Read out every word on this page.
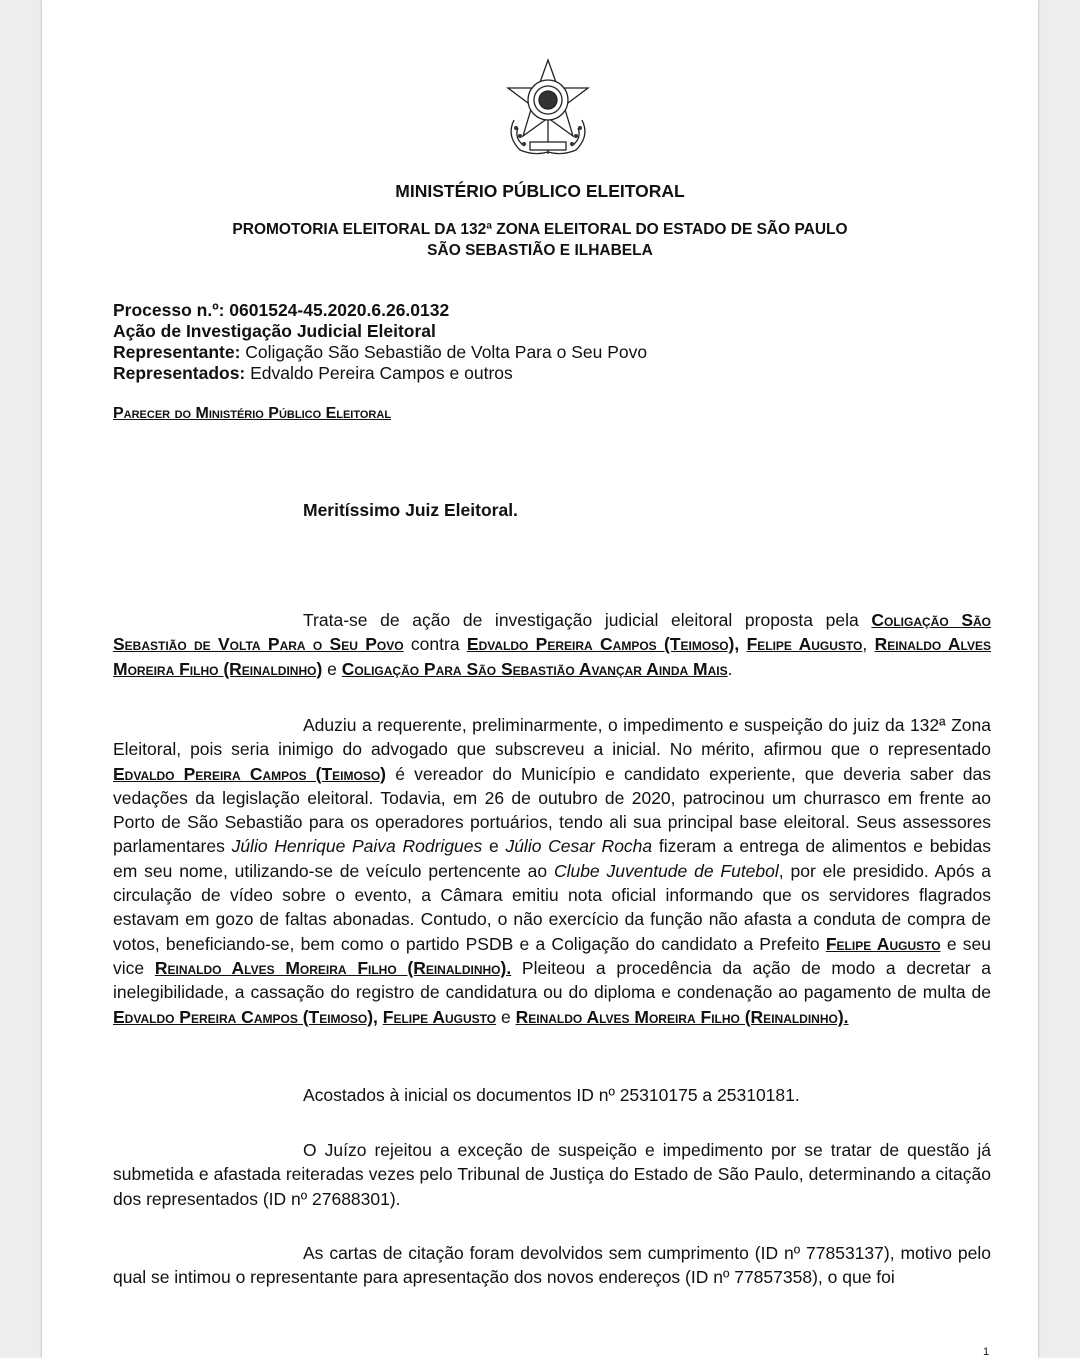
MINISTÉRIO PÚBLICO ELEITORAL
PROMOTORIA ELEITORAL DA 132ª ZONA ELEITORAL DO ESTADO DE SÃO PAULO
SÃO SEBASTIÃO E ILHABELA
Processo n.º: 0601524-45.2020.6.26.0132
Ação de Investigação Judicial Eleitoral
Representante: Coligação São Sebastião de Volta Para o Seu Povo
Representados: Edvaldo Pereira Campos e outros
Parecer do Ministério Público Eleitoral
Meritíssimo Juiz Eleitoral.
Trata-se de ação de investigação judicial eleitoral proposta pela Coligação São Sebastião de Volta Para o Seu Povo contra Edvaldo Pereira Campos (Teimoso), Felipe Augusto, Reinaldo Alves Moreira Filho (Reinaldinho) e Coligação Para São Sebastião Avançar Ainda Mais.
Aduziu a requerente, preliminarmente, o impedimento e suspeição do juiz da 132ª Zona Eleitoral, pois seria inimigo do advogado que subscreveu a inicial. No mérito, afirmou que o representado Edvaldo Pereira Campos (Teimoso) é vereador do Município e candidato experiente, que deveria saber das vedações da legislação eleitoral. Todavia, em 26 de outubro de 2020, patrocinou um churrasco em frente ao Porto de São Sebastião para os operadores portuários, tendo ali sua principal base eleitoral. Seus assessores parlamentares Júlio Henrique Paiva Rodrigues e Júlio Cesar Rocha fizeram a entrega de alimentos e bebidas em seu nome, utilizando-se de veículo pertencente ao Clube Juventude de Futebol, por ele presidido. Após a circulação de vídeo sobre o evento, a Câmara emitiu nota oficial informando que os servidores flagrados estavam em gozo de faltas abonadas. Contudo, o não exercício da função não afasta a conduta de compra de votos, beneficiando-se, bem como o partido PSDB e a Coligação do candidato a Prefeito Felipe Augusto e seu vice Reinaldo Alves Moreira Filho (Reinaldinho). Pleiteou a procedência da ação de modo a decretar a inelegibilidade, a cassação do registro de candidatura ou do diploma e condenação ao pagamento de multa de Edvaldo Pereira Campos (Teimoso), Felipe Augusto e Reinaldo Alves Moreira Filho (Reinaldinho).
Acostados à inicial os documentos ID nº 25310175 a 25310181.
O Juízo rejeitou a exceção de suspeição e impedimento por se tratar de questão já submetida e afastada reiteradas vezes pelo Tribunal de Justiça do Estado de São Paulo, determinando a citação dos representados (ID nº 27688301).
As cartas de citação foram devolvidos sem cumprimento (ID nº 77853137), motivo pelo qual se intimou o representante para apresentação dos novos endereços (ID nº 77857358), o que foi
1
